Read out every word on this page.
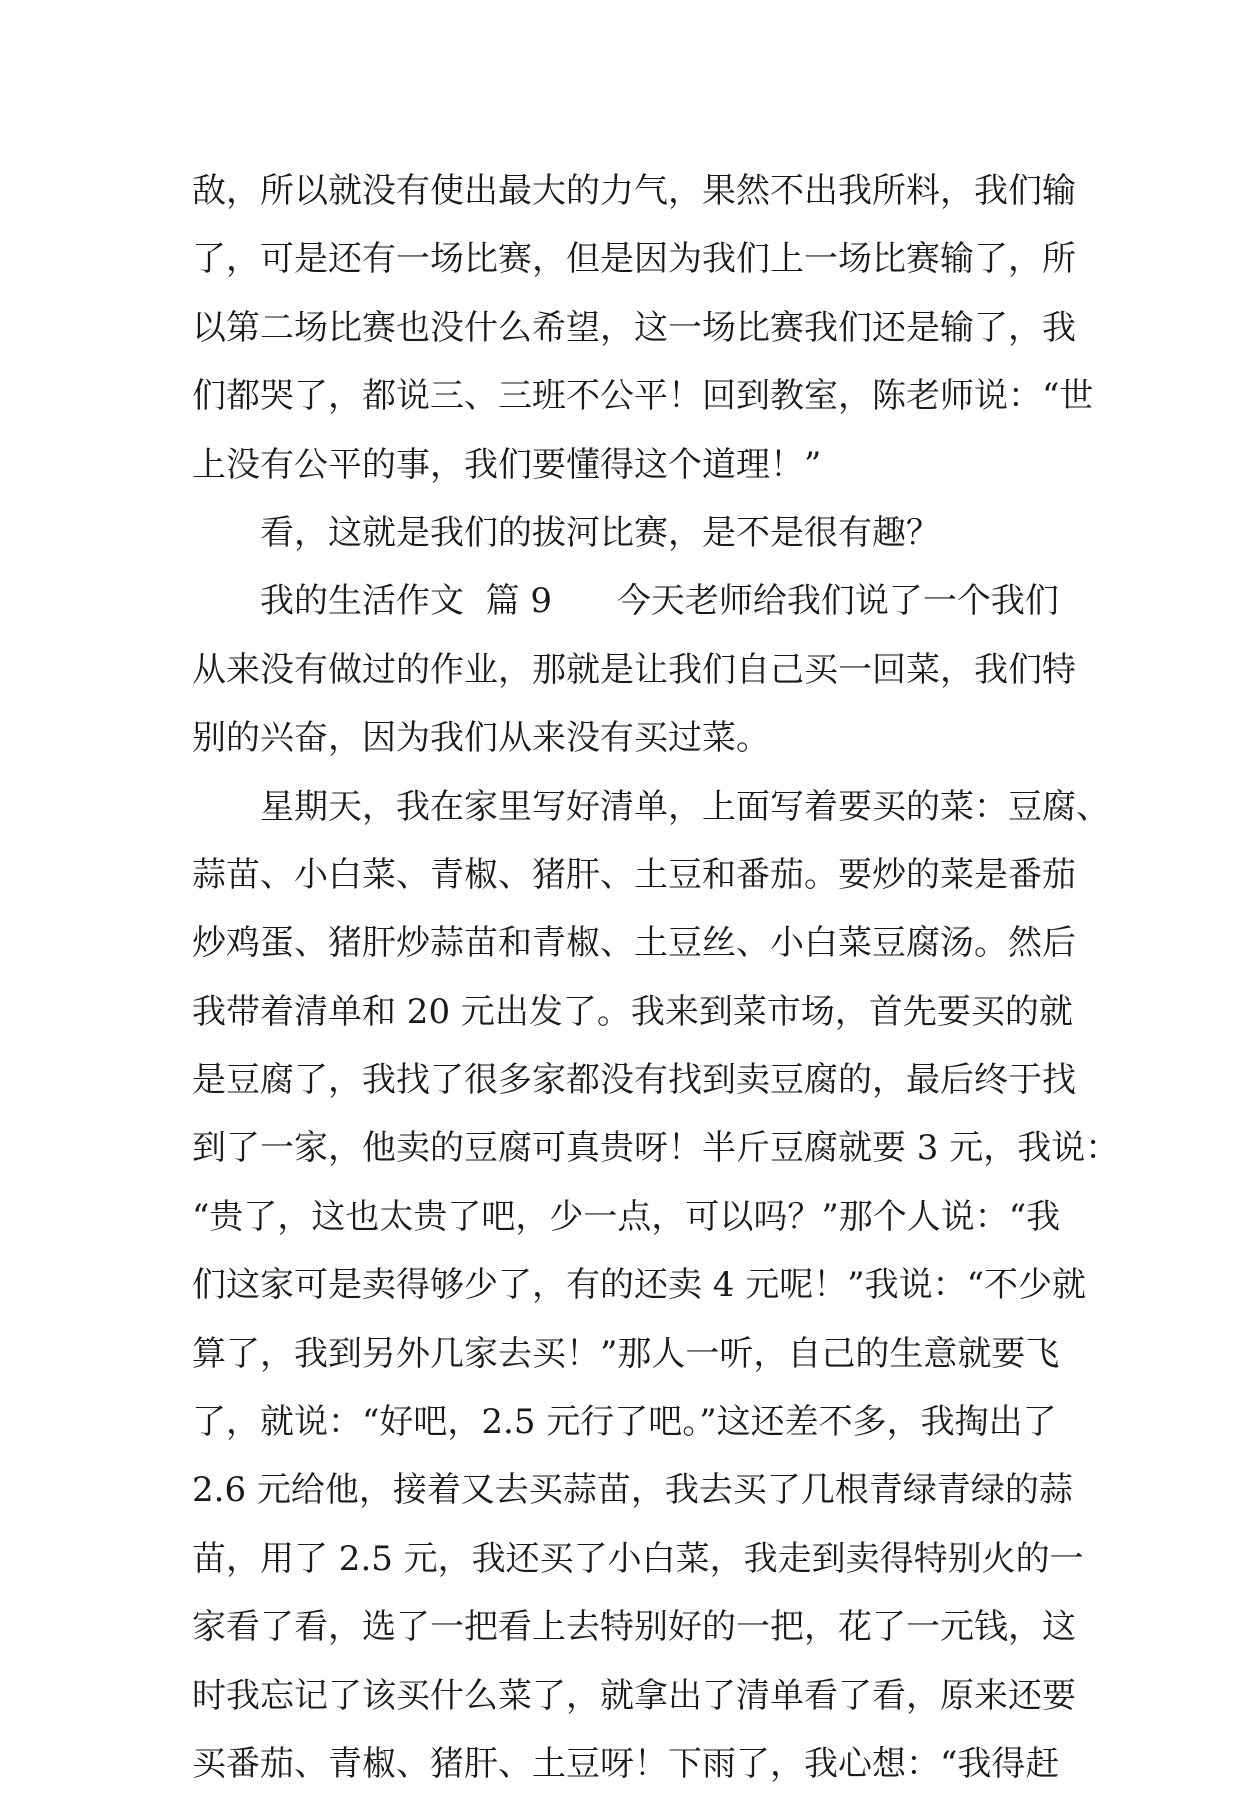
敌，所以就没有使出最大的力气，果然不出我所料，我们输
了，可是还有一场比赛，但是因为我们上一场比赛输了，所
以第二场比赛也没什么希望，这一场比赛我们还是输了，我
们都哭了，都说三、三班不公平！回到教室，陈老师说：“世
上没有公平的事，我们要懂得这个道理！”
看，这就是我们的拔河比赛，是不是很有趣？
我的生活作文  篇 9      今天老师给我们说了一个我们
从来没有做过的作业，那就是让我们自己买一回菜，我们特
别的兴奋，因为我们从来没有买过菜。
星期天，我在家里写好清单，上面写着要买的菜：豆腐、
蒜苗、小白菜、青椒、猪肝、土豆和番茄。要炒的菜是番茄
炒鸡蛋、猪肝炒蒜苗和青椒、土豆丝、小白菜豆腐汤。然后
我带着清单和 20 元出发了。我来到菜市场，首先要买的就
是豆腐了，我找了很多家都没有找到卖豆腐的，最后终于找
到了一家，他卖的豆腐可真贵呀！半斤豆腐就要 3 元，我说：
“贵了，这也太贵了吧，少一点，可以吗？”那个人说：“我
们这家可是卖得够少了，有的还卖 4 元呢！”我说：“不少就
算了，我到另外几家去买！”那人一听，自己的生意就要飞
了，就说：“好吧，2.5 元行了吧。”这还差不多，我掏出了
2.6 元给他，接着又去买蒜苗，我去买了几根青绿青绿的蒜
苗，用了 2.5 元，我还买了小白菜，我走到卖得特别火的一
家看了看，选了一把看上去特别好的一把，花了一元钱，这
时我忘记了该买什么菜了，就拿出了清单看了看，原来还要
买番茄、青椒、猪肝、土豆呀！下雨了，我心想：“我得赶
